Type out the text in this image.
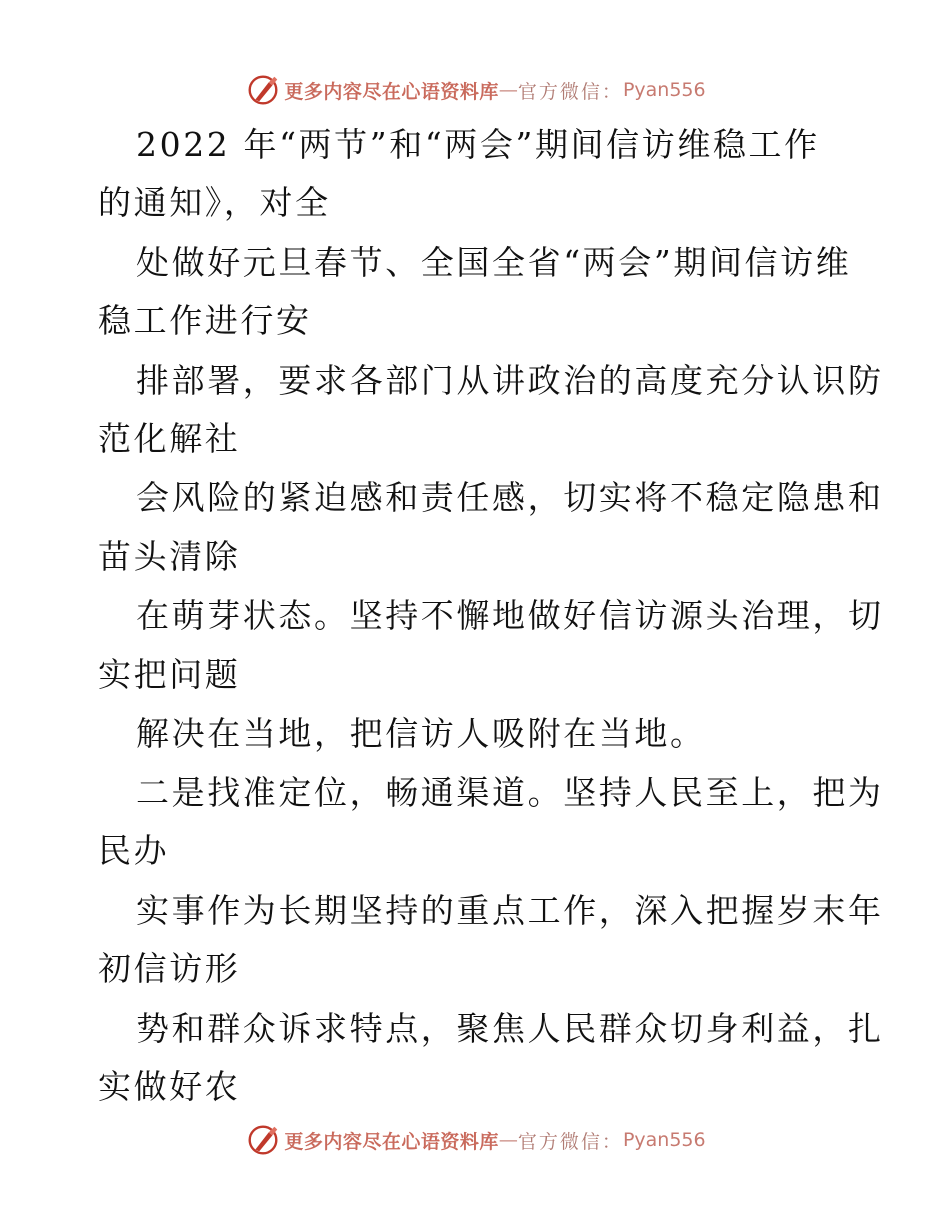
更多内容尽在心语资料库 — 官方微信： Pyan556
2022 年“两节”和“两会”期间信访维稳工作
的通知》，对全
处做好元旦春节、全国全省“两会”期间信访维
稳工作进行安
排部署，要求各部门从讲政治的高度充分认识防
范化解社
会风险的紧迫感和责任感，切实将不稳定隐患和
苗头清除
在萌芽状态。坚持不懈地做好信访源头治理，切
实把问题
解决在当地，把信访人吸附在当地。
二是找准定位，畅通渠道。坚持人民至上，把为
民办
实事作为长期坚持的重点工作，深入把握岁末年
初信访形
势和群众诉求特点，聚焦人民群众切身利益，扎
实做好农
更多内容尽在心语资料库 — 官方微信： Pyan556
